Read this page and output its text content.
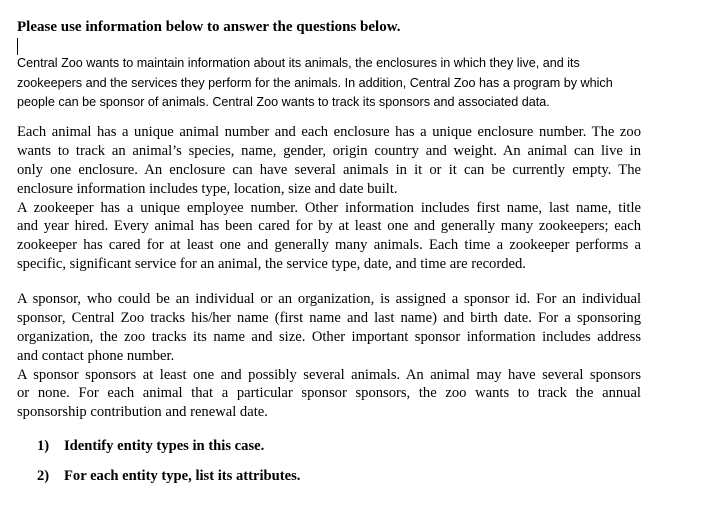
Please use information below to answer the questions below.
Central Zoo wants to maintain information about its animals, the enclosures in which they live, and its
zookeepers and the services they perform for the animals. In addition, Central Zoo has a program by which
people can be sponsor of animals. Central Zoo wants to track its sponsors and associated data.
Each animal has a unique animal number and each enclosure has a unique enclosure number. The zoo
wants to track an animal’s species, name, gender, origin country and weight. An animal can live in
only one enclosure. An enclosure can have several animals in it or it can be currently empty. The
enclosure information includes type, location, size and date built.
A zookeeper has a unique employee number. Other information includes first name, last name, title
and year hired. Every animal has been cared for by at least one and generally many zookeepers; each
zookeeper has cared for at least one and generally many animals. Each time a zookeeper performs a
specific, significant service for an animal, the service type, date, and time are recorded.
A sponsor, who could be an individual or an organization, is assigned a sponsor id. For an individual
sponsor, Central Zoo tracks his/her name (first name and last name) and birth date. For a sponsoring
organization, the zoo tracks its name and size. Other important sponsor information includes address
and contact phone number.
A sponsor sponsors at least one and possibly several animals. An animal may have several sponsors
or none. For each animal that a particular sponsor sponsors, the zoo wants to track the annual
sponsorship contribution and renewal date.
1) Identify entity types in this case.
2) For each entity type, list its attributes.
